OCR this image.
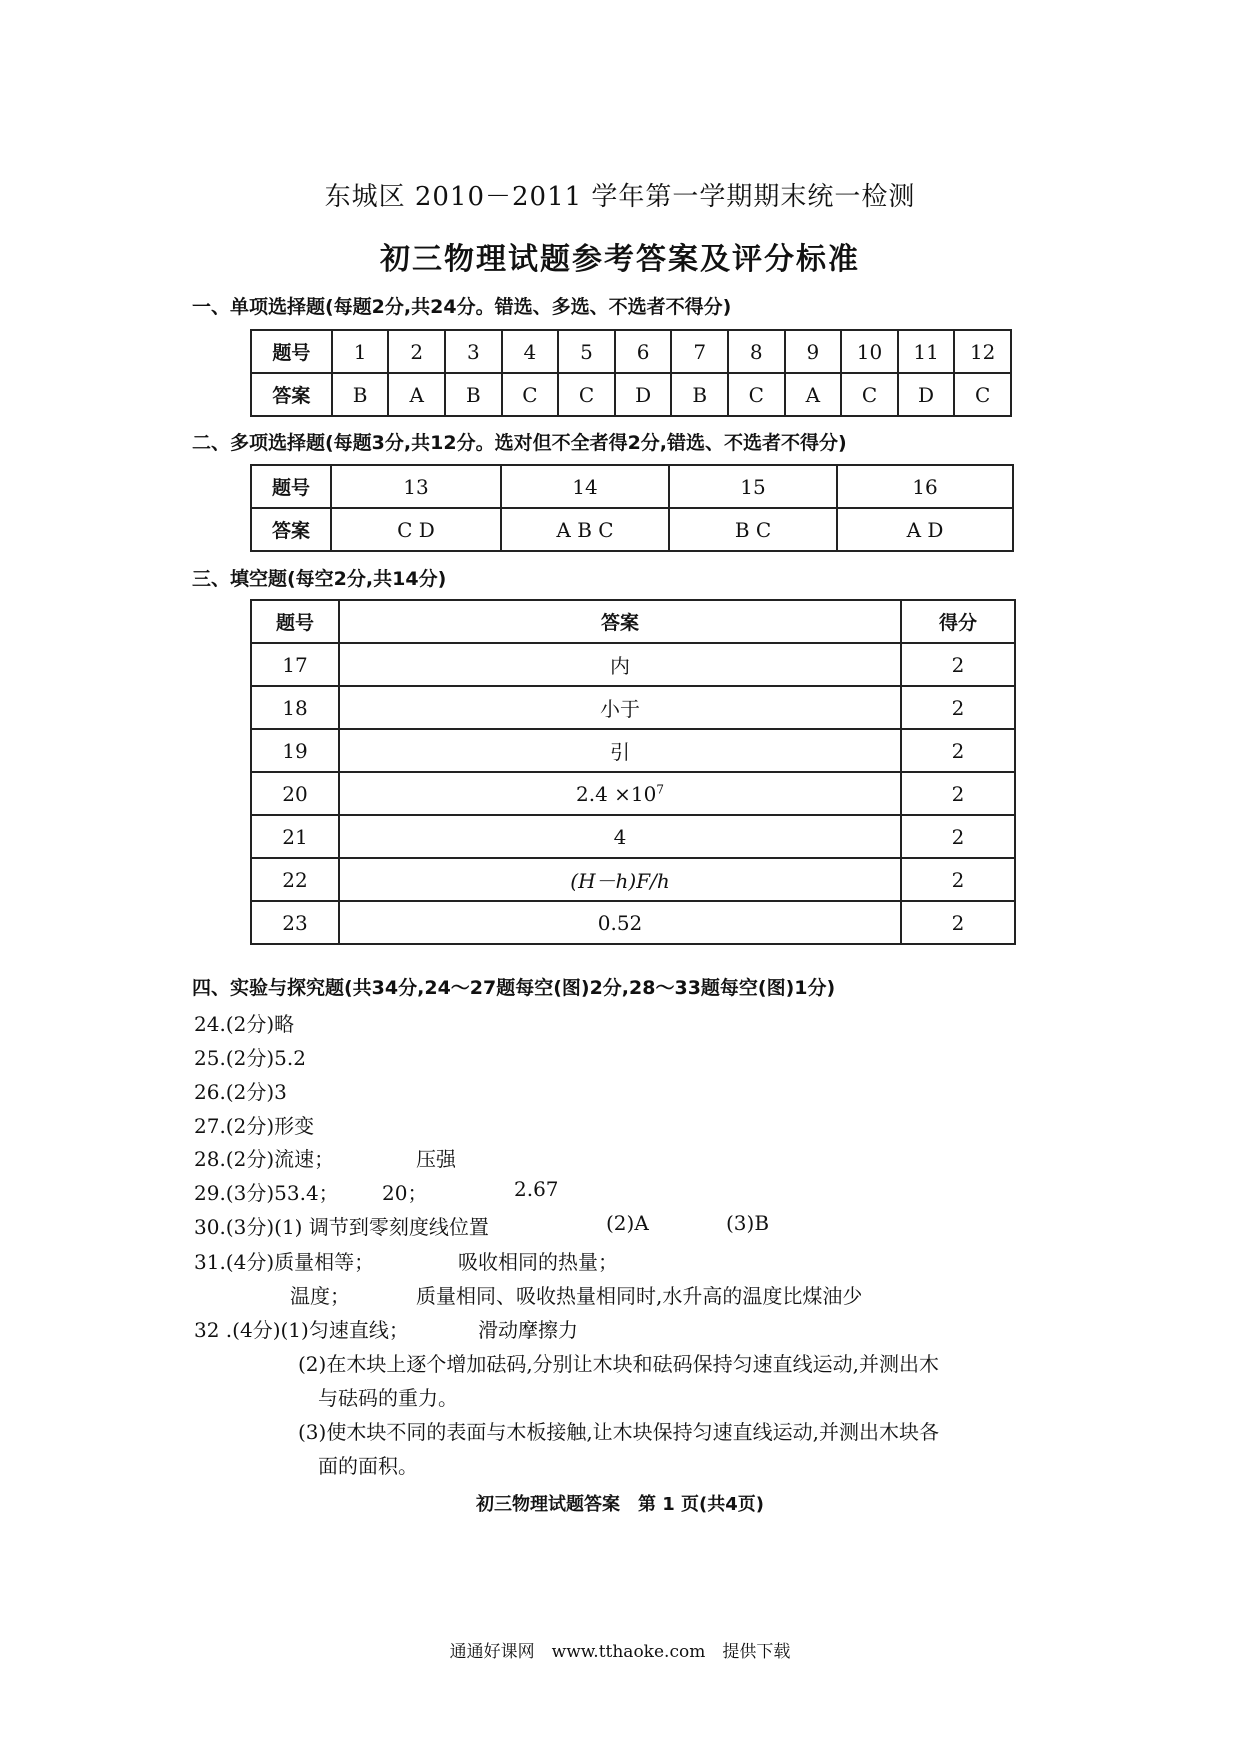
东城区 2010－2011 学年第一学期期末统一检测
初三物理试题参考答案及评分标准
一、单项选择题(每题2分,共24分。错选、多选、不选者不得分)
题号	1	2	3	4	5	6	7	8	9	10	11	12
答案	B	A	B	C	C	D	B	C	A	C	D	C
二、多项选择题(每题3分,共12分。选对但不全者得2分,错选、不选者不得分)
题号	13	14	15	16
答案	C D	A B C	B C	A D
三、填空题(每空2分,共14分)
题号	答案	得分
17	内	2
18	小于	2
19	引	2
20	$2.4 \times 10^7$	2
21	4	2
22	(H－h)F/h	2
23	0.52	2
四、实验与探究题(共34分,24～27题每空(图)2分,28～33题每空(图)1分)
24.(2分)略
25.(2分)5.2
26.(2分)3
27.(2分)形变
28.(2分)流速；	压强
29.(3分)53.4； 20；	2.67
30.(3分)(1) 调节到零刻度线位置	(2)A	(3)B
31.(4分)质量相等；	吸收相同的热量；
温度；	质量相同、吸收热量相同时,水升高的温度比煤油少
32 .(4分)(1)匀速直线；	滑动摩擦力
(2)在木块上逐个增加砝码,分别让木块和砝码保持匀速直线运动,并测出木
与砝码的重力。
(3)使木块不同的表面与木板接触,让木块保持匀速直线运动,并测出木块各
面的面积。
初三物理试题答案　第 1 页(共4页)
通通好课网　www.tthaoke.com　提供下载
